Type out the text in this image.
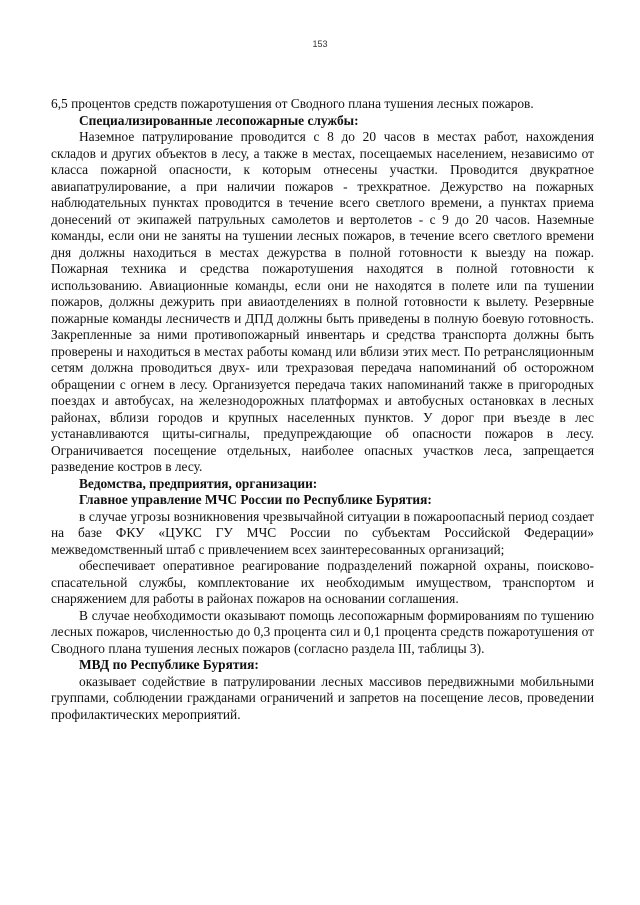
153

6,5 процентов средств пожаротушения от Сводного плана тушения лесных пожаров.

Специализированные лесопожарные службы:

Наземное патрулирование проводится с 8 до 20 часов в местах работ, нахождения складов и других объектов в лесу, а также в местах, посещаемых населением, независимо от класса пожарной опасности, к которым отнесены участки. Проводится двукратное авиапатрулирование, а при наличии пожаров - трехкратное. Дежурство на пожарных наблюдательных пунктах проводится в течение всего светлого времени, а пунктах приема донесений от экипажей патрульных самолетов и вертолетов - с 9 до 20 часов. Наземные команды, если они не заняты на тушении лесных пожаров, в течение всего светлого времени дня должны находиться в местах дежурства в полной готовности к выезду на пожар. Пожарная техника и средства пожаротушения находятся в полной готовности к использованию. Авиационные команды, если они не находятся в полете или па тушении пожаров, должны дежурить при авиаотделениях в полной готовности к вылету. Резервные пожарные команды лесничеств и ДПД должны быть приведены в полную боевую готовность. Закрепленные за ними противопожарный инвентарь и средства транспорта должны быть проверены и находиться в местах работы команд или вблизи этих мест. По ретрансляционным сетям должна проводиться двух- или трехразовая передача напоминаний об осторожном обращении с огнем в лесу. Организуется передача таких напоминаний также в пригородных поездах и автобусах, на железнодорожных платформах и автобусных остановках в лесных районах, вблизи городов и крупных населенных пунктов. У дорог при въезде в лес устанавливаются щиты-сигналы, предупреждающие об опасности пожаров в лесу. Ограничивается посещение отдельных, наиболее опасных участков леса, запрещается разведение костров в лесу.

Ведомства, предприятия, организации:

Главное управление МЧС России по Республике Бурятия:

в случае угрозы возникновения чрезвычайной ситуации в пожароопасный период создает на базе ФКУ «ЦУКС ГУ МЧС России по субъектам Российской Федерации» межведомственный штаб с привлечением всех заинтересованных организаций;

обеспечивает оперативное реагирование подразделений пожарной охраны, поисково-спасательной службы, комплектование их необходимым имуществом, транспортом и снаряжением для работы в районах пожаров на основании соглашения.

В случае необходимости оказывают помощь лесопожарным формированиям по тушению лесных пожаров, численностью до 0,3 процента сил и 0,1 процента средств пожаротушения от Сводного плана тушения лесных пожаров (согласно раздела III, таблицы 3).

МВД по Республике Бурятия:

оказывает содействие в патрулировании лесных массивов передвижными мобильными группами, соблюдении гражданами ограничений и запретов на посещение лесов, проведении профилактических мероприятий.
